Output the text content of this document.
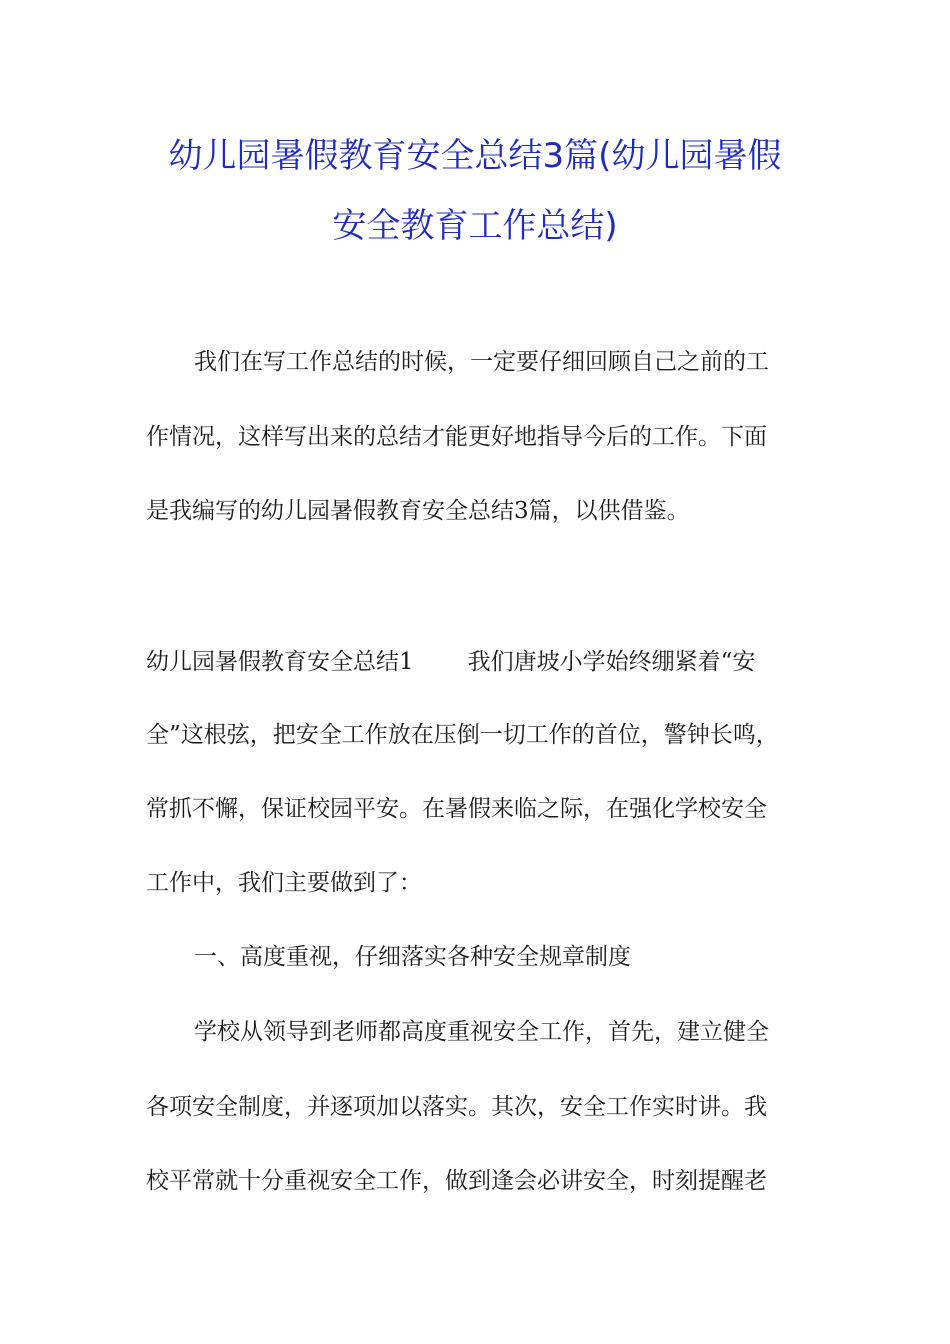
幼儿园暑假教育安全总结3篇(幼儿园暑假
安全教育工作总结)
我们在写工作总结的时候，一定要仔细回顾自己之前的工
作情况，这样写出来的总结才能更好地指导今后的工作。下面
是我编写的幼儿园暑假教育安全总结3篇，以供借鉴。
幼儿园暑假教育安全总结1 我们唐坡小学始终绷紧着“安
全”这根弦，把安全工作放在压倒一切工作的首位，警钟长鸣，
常抓不懈，保证校园平安。在暑假来临之际，在强化学校安全
工作中，我们主要做到了：
一、高度重视，仔细落实各种安全规章制度
学校从领导到老师都高度重视安全工作，首先，建立健全
各项安全制度，并逐项加以落实。其次，安全工作实时讲。我
校平常就十分重视安全工作，做到逢会必讲安全，时刻提醒老
